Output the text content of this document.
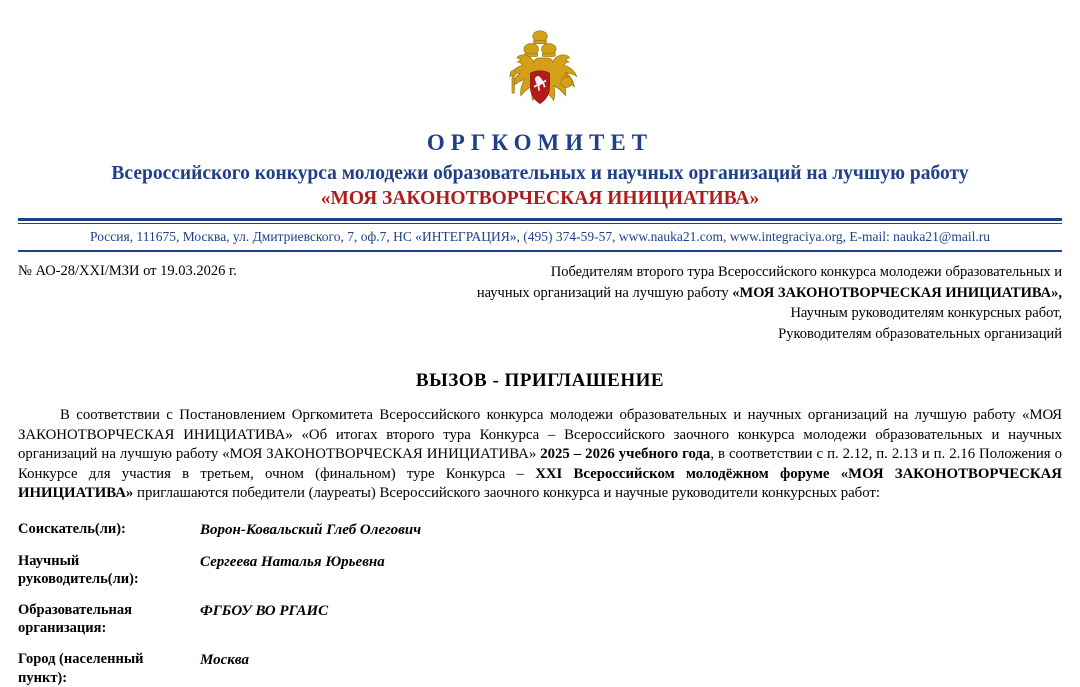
ОРГКОМИТЕТ
Всероссийского конкурса молодежи образовательных и научных организаций на лучшую работу
«МОЯ ЗАКОНОТВОРЧЕСКАЯ ИНИЦИАТИВА»
Россия, 111675, Москва, ул. Дмитриевского, 7, оф.7, НС «ИНТЕГРАЦИЯ», (495) 374-59-57, www.nauka21.com, www.integraciya.org, E-mail: nauka21@mail.ru
№ АО-28/XXI/МЗИ от 19.03.2026 г.	Победителям второго тура Всероссийского конкурса молодежи образовательных и
научных организаций на лучшую работу «МОЯ ЗАКОНОТВОРЧЕСКАЯ ИНИЦИАТИВА»,
Научным руководителям конкурсных работ,
Руководителям образовательных организаций
ВЫЗОВ - ПРИГЛАШЕНИЕ
В соответствии с Постановлением Оргкомитета Всероссийского конкурса молодежи образовательных и научных организаций на лучшую работу «МОЯ ЗАКОНОТВОРЧЕСКАЯ ИНИЦИАТИВА» «Об итогах второго тура Конкурса – Всероссийского заочного конкурса молодежи образовательных и научных организаций на лучшую работу «МОЯ ЗАКОНОТВОРЧЕСКАЯ ИНИЦИАТИВА» 2025 – 2026 учебного года, в соответствии с п. 2.12, п. 2.13 и п. 2.16 Положения о Конкурсе для участия в третьем, очном (финальном) туре Конкурса – XXI Всероссийском молодёжном форуме «МОЯ ЗАКОНОТВОРЧЕСКАЯ ИНИЦИАТИВА» приглашаются победители (лауреаты) Всероссийского заочного конкурса и научные руководители конкурсных работ:
Соискатель(ли):	Ворон-Ковальский Глеб Олегович
Научный руководитель(ли):
Сергеева Наталья Юрьевна
Образовательная организация:
ФГБОУ ВО РГАИС
Город (населенный пункт):
Москва
